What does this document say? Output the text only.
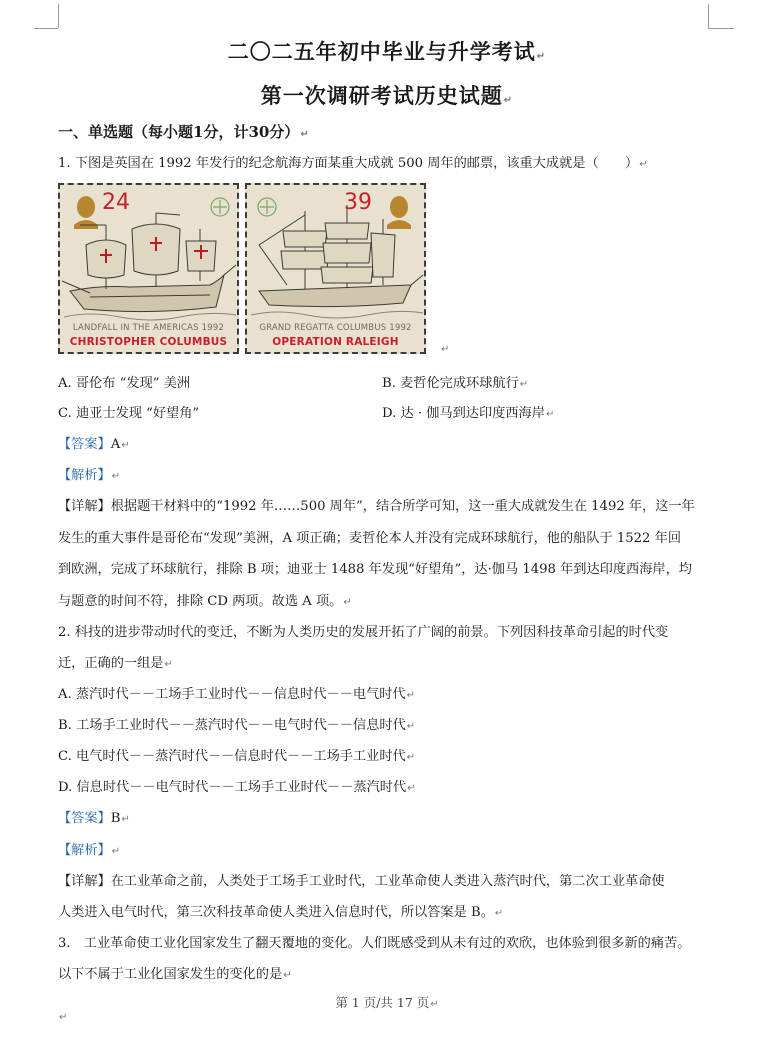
二〇二五年初中毕业与升学考试↵
第一次调研考试历史试题↵
一、单选题（每小题1分，计30分）↵
1. 下图是英国在 1992 年发行的纪念航海方面某重大成就 500 周年的邮票，该重大成就是（　　）↵
24
LANDFALL IN THE AMERICAS 1992
CHRISTOPHER COLUMBUS
39
GRAND REGATTA COLUMBUS 1992
OPERATION RALEIGH
↵
A. 哥伦布 “发现” 美洲	B. 麦哲伦完成环球航行↵
C. 迪亚士发现 “好望角”	D. 达 · 伽马到达印度西海岸↵
【答案】A↵
【解析】↵
【详解】根据题干材料中的“1992 年……500 周年”，结合所学可知，这一重大成就发生在 1492 年，这一年
发生的重大事件是哥伦布“发现”美洲，A 项正确；麦哲伦本人并没有完成环球航行，他的船队于 1522 年回
到欧洲，完成了环球航行，排除 B 项；迪亚士 1488 年发现“好望角”，达·伽马 1498 年到达印度西海岸，均
与题意的时间不符，排除 CD 两项。故选 A 项。↵
2. 科技的进步带动时代的变迁，不断为人类历史的发展开拓了广阔的前景。下列因科技革命引起的时代变
迁，正确的一组是↵
A. 蒸汽时代－－工场手工业时代－－信息时代－－电气时代↵
B. 工场手工业时代－－蒸汽时代－－电气时代－－信息时代↵
C. 电气时代－－蒸汽时代－－信息时代－－工场手工业时代↵
D. 信息时代－－电气时代－－工场手工业时代－－蒸汽时代↵
【答案】B↵
【解析】↵
【详解】在工业革命之前，人类处于工场手工业时代，工业革命使人类进入蒸汽时代，第二次工业革命使
人类进入电气时代，第三次科技革命使人类进入信息时代，所以答案是 B。↵
3.　工业革命使工业化国家发生了翻天覆地的变化。人们既感受到从未有过的欢欣，也体验到很多新的痛苦。
以下不属于工业化国家发生的变化的是↵
第 1 页/共 17 页↵
↵
